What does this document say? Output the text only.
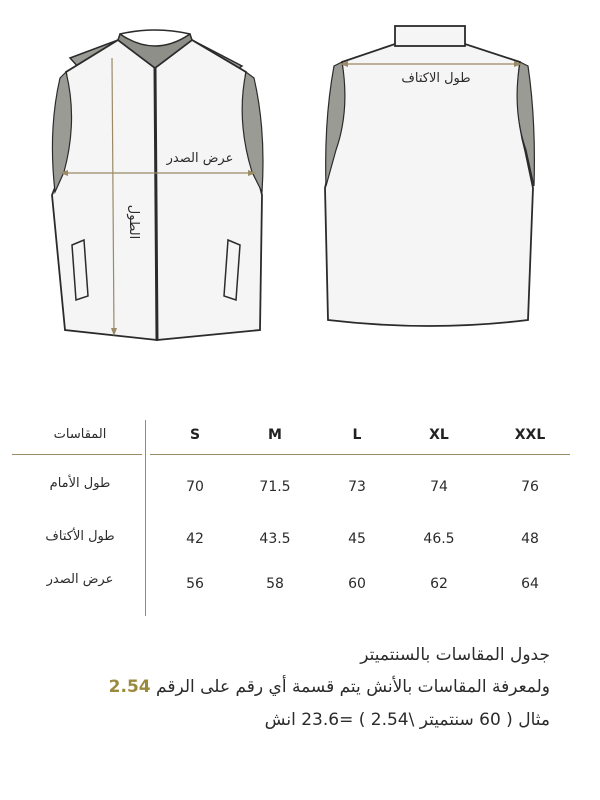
عرض الصدر
الطول
طول الاكتاف
المقاسات	S	M	L	XL	XXL
طول الأمام	70	71.5	73	74	76
طول الأكتاف	42	43.5	45	46.5	48
عرض الصدر	56	58	60	62	64
جدول المقاسات بالسنتميتر
ولمعرفة المقاسات بالأنش يتم قسمة أي رقم على الرقم 2.54
مثال ( 60 سنتميتر \2.54 ) =23.6 انش
